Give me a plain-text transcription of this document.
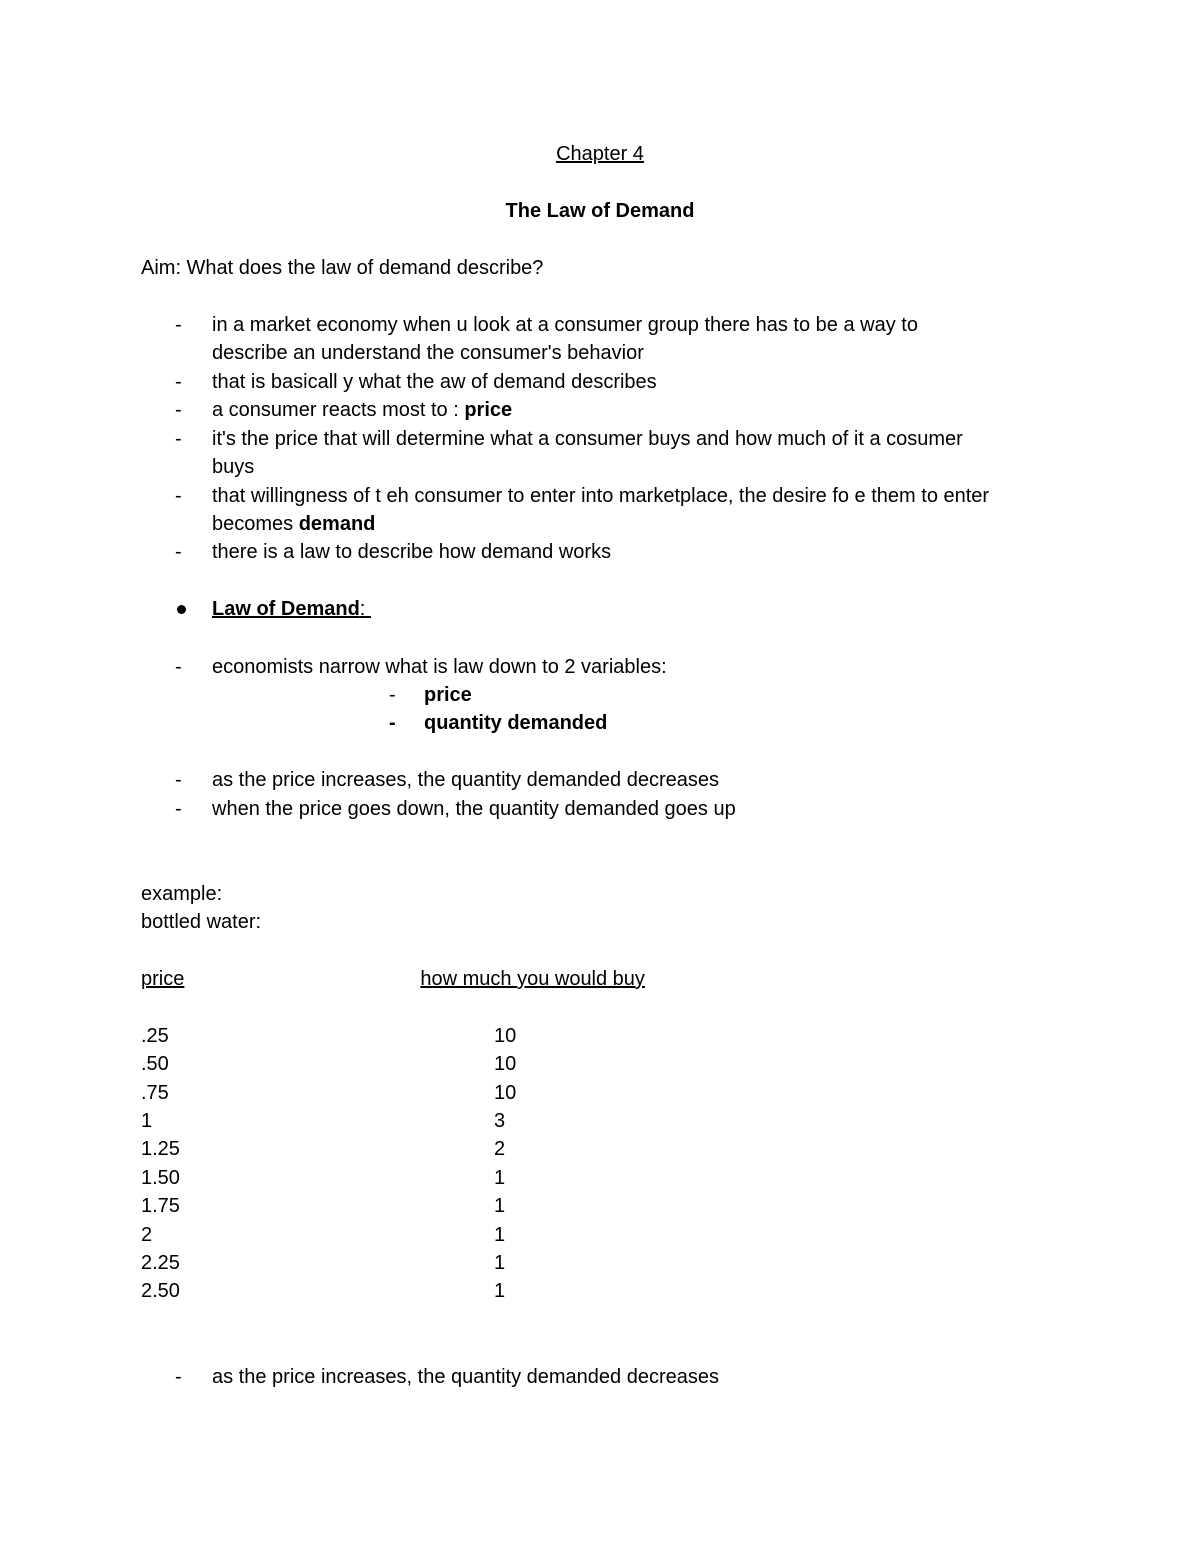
Chapter 4
The Law of Demand
Aim: What does the law of demand describe?
-	in a market economy when u look at a consumer group there has to be a way to
describe an understand the consumer's behavior
-	that is basicall y what the aw of demand describes
-	a consumer reacts most to : price
-	it's the price that will determine what a consumer buys and how much of it a cosumer
buys
-	that willingness of t eh consumer to enter into marketplace, the desire fo e them to enter
becomes demand
-	there is a law to describe how demand works
Law of Demand:
-	economists narrow what is law down to 2 variables:
- price
- quantity demanded
-	as the price increases, the quantity demanded decreases
-	when the price goes down, the quantity demanded goes up
example:
bottled water:
price	how much you would buy
.25	10
.50	10
.75	10
1	3
1.25	2
1.50	1
1.75	1
2	1
2.25	1
2.50	1
-	as the price increases, the quantity demanded decreases
